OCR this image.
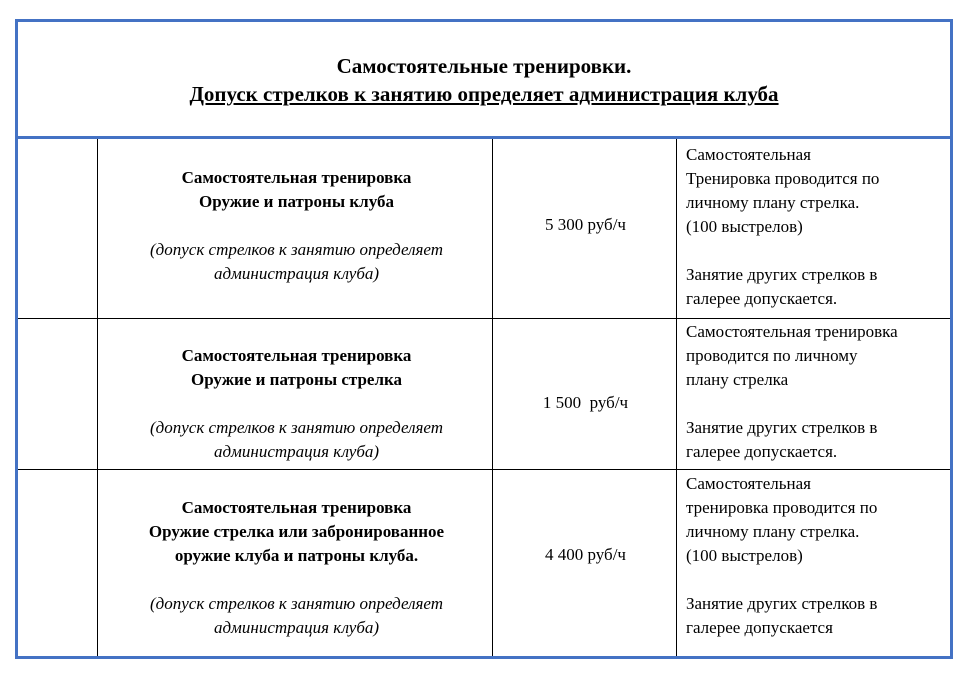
Самостоятельные тренировки.
Допуск стрелков к занятию определяет администрация клуба
Самостоятельная тренировка
Оружие и патроны клуба
(допуск стрелков к занятию определяет
администрация клуба)
5 300 руб/ч
Самостоятельная
Тренировка проводится по
личному плану стрелка.
(100 выстрелов)

Занятие других стрелков в
галерее допускается.
Самостоятельная тренировка
Оружие и патроны стрелка
(допуск стрелков к занятию определяет
администрация клуба)
1 500  руб/ч
Самостоятельная тренировка
проводится по личному
плану стрелка

Занятие других стрелков в
галерее допускается.
Самостоятельная тренировка
Оружие стрелка или забронированное
оружие клуба и патроны клуба.
(допуск стрелков к занятию определяет
администрация клуба)
4 400 руб/ч
Самостоятельная
тренировка проводится по
личному плану стрелка.
(100 выстрелов)

Занятие других стрелков в
галерее допускается
